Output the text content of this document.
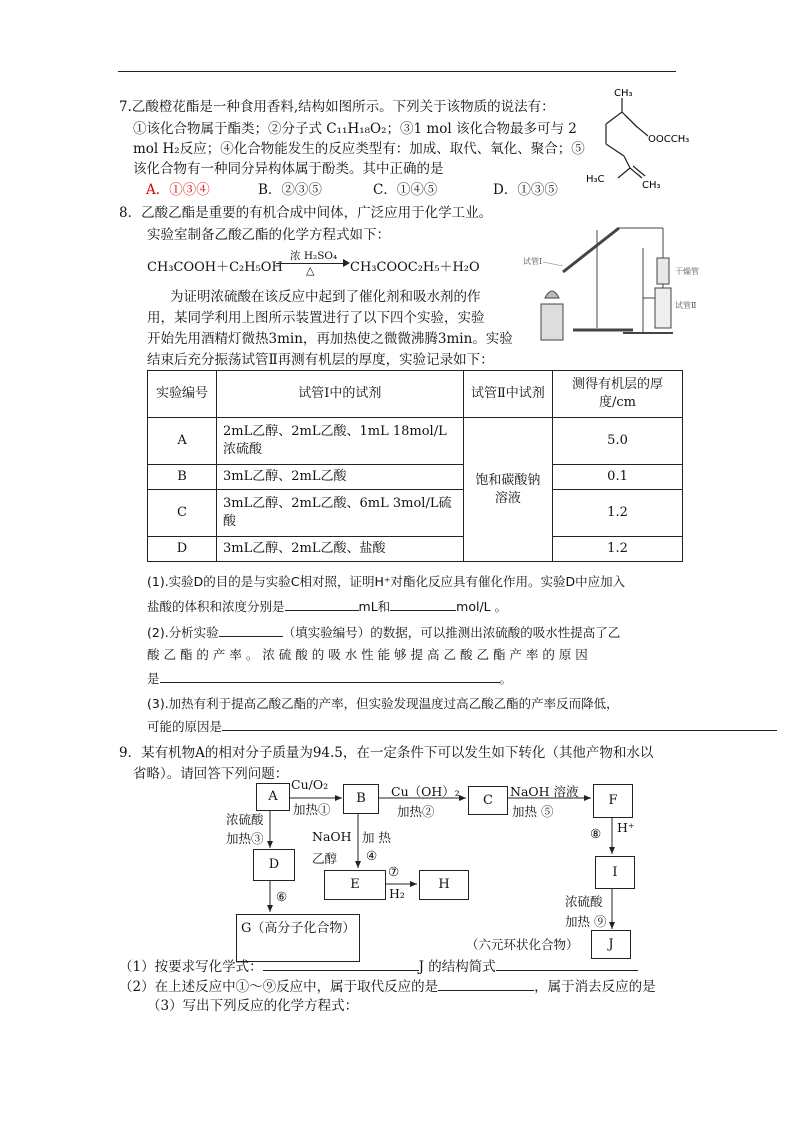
7.乙酸橙花酯是一种食用香料,结构如图所示。下列关于该物质的说法有：
①该化合物属于酯类；②分子式 C₁₁H₁₈O₂；③1 mol 该化合物最多可与 2
mol H₂反应；④化合物能发生的反应类型有：加成、取代、氧化、聚合；⑤
该化合物有一种同分异构体属于酚类。其中正确的是
A．①③④	B．②③⑤	C．①④⑤	D．①③⑤
CH₃
OOCCH₃
H₃C
CH₃
8．乙酸乙酯是重要的有机合成中间体，广泛应用于化学工业。
实验室制备乙酸乙酯的化学方程式如下：
CH₃COOH＋C₂H₅OH
浓 H₂SO₄
△	CH₃COOC₂H₅＋H₂O
为证明浓硫酸在该反应中起到了催化剂和吸水剂的作
用，某同学利用上图所示装置进行了以下四个实验，实验
开始先用酒精灯微热3min，再加热使之微微沸腾3min。实验
结束后充分振荡试管Ⅱ再测有机层的厚度，实验记录如下：
试管Ⅰ
干燥管
试管Ⅱ
实验编号	试管Ⅰ中的试剂	试管Ⅱ中试剂	测得有机层的厚度/cm
A	2mL乙醇、2mL乙酸、1mL 18mol/L浓硫酸	饱和碳酸钠溶液	5.0
B	3mL乙醇、2mL乙酸		0.1
C	3mL乙醇、2mL乙酸、6mL 3mol/L硫酸		1.2
D	3mL乙醇、2mL乙酸、盐酸		1.2
(1).实验D的目的是与实验C相对照，证明H⁺对酯化反应具有催化作用。实验D中应加入
盐酸的体积和浓度分别是	mL和	mol/L 。
(2).分析实验	（填实验编号）的数据，可以推测出浓硫酸的吸水性提高了乙
酸 乙 酯 的 产 率 。 浓 硫 酸 的 吸 水 性 能 够 提 高 乙 酸 乙 酯 产 率 的 原 因
是	。
(3).加热有利于提高乙酸乙酯的产率，但实验发现温度过高乙酸乙酯的产率反而降低，
可能的原因是
9．某有机物A的相对分子质量为94.5，在一定条件下可以发生如下转化（其他产物和水以
省略）。请回答下列问题：
A	B	C	F
D
E	H
I
G（高分子化合物）
J
Cu/O₂
加热①
Cu（OH）₂
加热②
NaOH 溶液
加热 ⑤
浓硫酸
加热③	NaOH
乙醇
加 热
④
⑦
H₂
⑥
⑧ H⁺
浓硫酸
加热 ⑨
（六元环状化合物）
（1）按要求写化学式：	J 的结构简式
（2）在上述反应中①～⑨反应中，属于取代反应的是	，属于消去反应的是
（3）写出下列反应的化学方程式：
